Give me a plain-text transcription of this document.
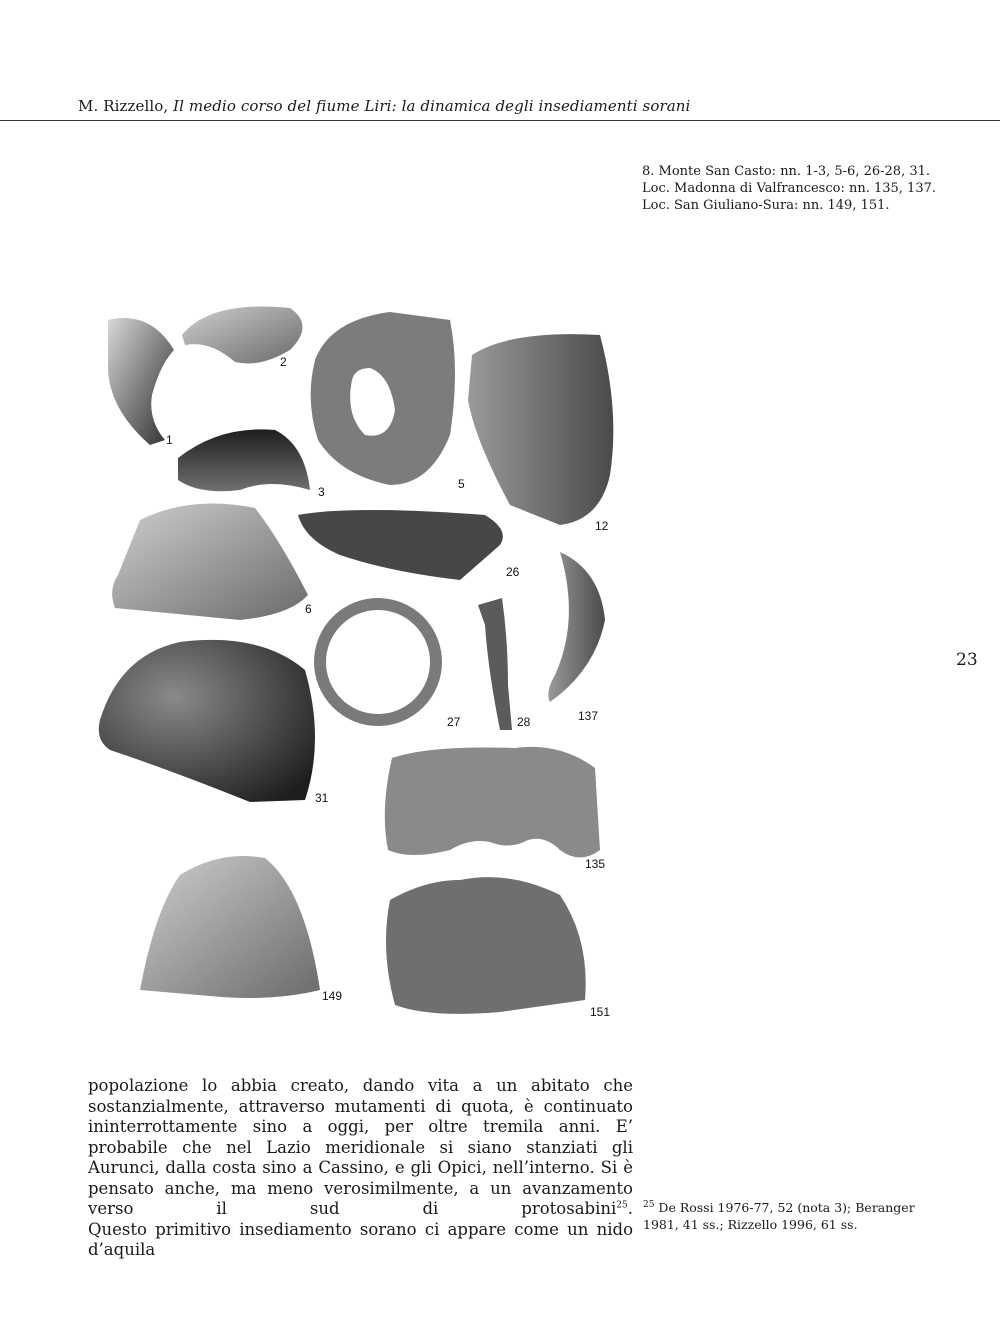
M. Rizzello, Il medio corso del fiume Liri: la dinamica degli insediamenti sorani
8. Monte San Casto: nn. 1-3, 5-6, 26-28, 31. Loc. Madonna di Valfrancesco: nn. 135, 137. Loc. San Giuliano-Sura: nn. 149, 151.
23
1
2
3
5
12
26
6
27	28	137
31
135
149
151

popolazione lo abbia creato, dando vita a un abitato che sostanzialmente, attraverso mutamenti di quota, è continuato ininterrottamente sino a oggi, per oltre tremila anni. E’ probabile che nel Lazio meridionale si siano stanziati gli Aurunci, dalla costa sino a Cassino, e gli Opici, nell’interno. Si è pensato anche, ma meno verosimilmente, a un avanzamento verso il sud di protosabini$^{25}$.

Questo primitivo insediamento sorano ci appare come un nido d’aquila

$^{25}$ De Rossi 1976-77, 52 (nota 3); Beranger 1981, 41 ss.; Rizzello 1996, 61 ss.
